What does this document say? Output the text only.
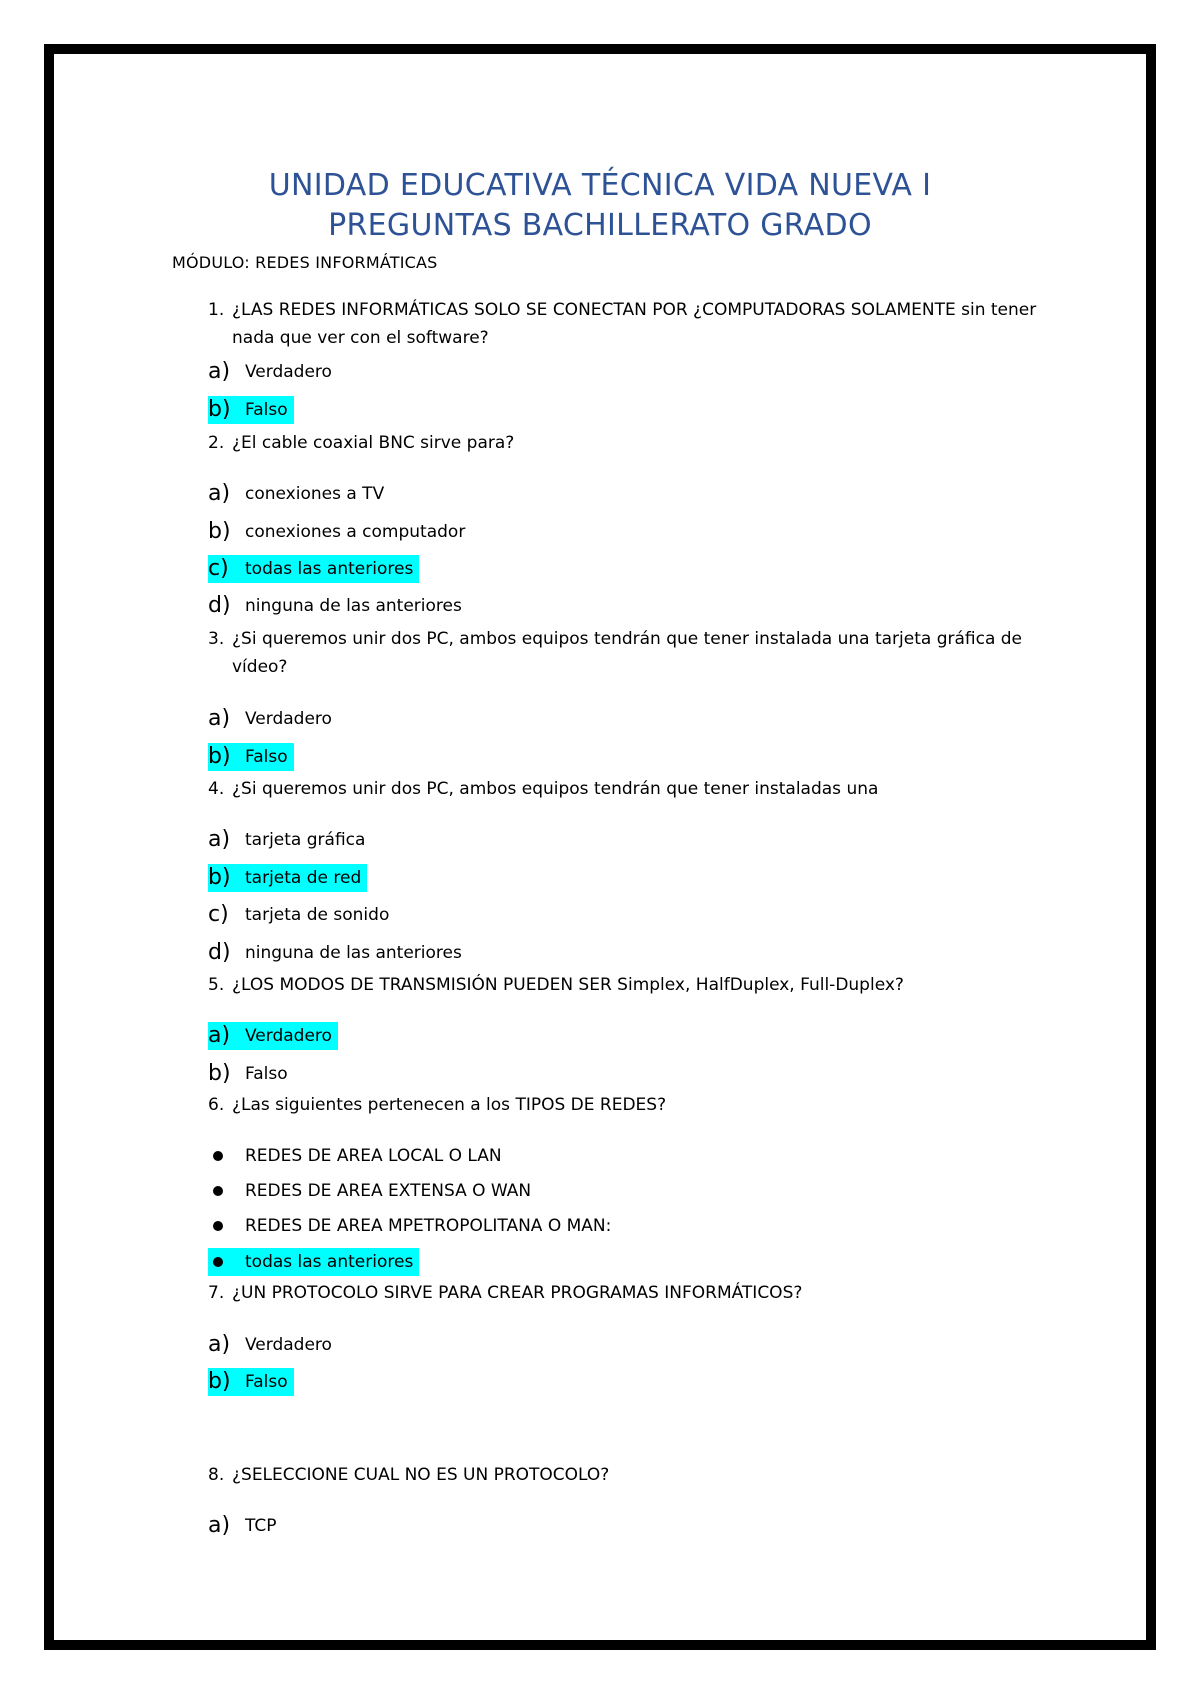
UNIDAD EDUCATIVA TÉCNICA VIDA NUEVA I
PREGUNTAS BACHILLERATO GRADO
MÓDULO: REDES INFORMÁTICAS
1. ¿LAS REDES INFORMÁTICAS SOLO SE CONECTAN POR ¿COMPUTADORAS SOLAMENTE sin tener nada que ver con el software?
a) Verdadero
b) Falso
2. ¿El cable coaxial BNC sirve para?
a) conexiones a TV
b) conexiones a computador
c) todas las anteriores
d) ninguna de las anteriores
3. ¿Si queremos unir dos PC, ambos equipos tendrán que tener instalada una tarjeta gráfica de vídeo?
a) Verdadero
b) Falso
4. ¿Si queremos unir dos PC, ambos equipos tendrán que tener instaladas una
a) tarjeta gráfica
b) tarjeta de red
c) tarjeta de sonido
d) ninguna de las anteriores
5. ¿LOS MODOS DE TRANSMISIÓN PUEDEN SER Simplex, HalfDuplex, Full-Duplex?
a) Verdadero
b) Falso
6. ¿Las siguientes pertenecen a los TIPOS DE REDES?
REDES DE AREA LOCAL O LAN
REDES DE AREA EXTENSA O WAN
REDES DE AREA MPETROPOLITANA O MAN:
todas las anteriores
7. ¿UN PROTOCOLO SIRVE PARA CREAR PROGRAMAS INFORMÁTICOS?
a) Verdadero
b) Falso
8. ¿SELECCIONE CUAL NO ES UN PROTOCOLO?
a) TCP
